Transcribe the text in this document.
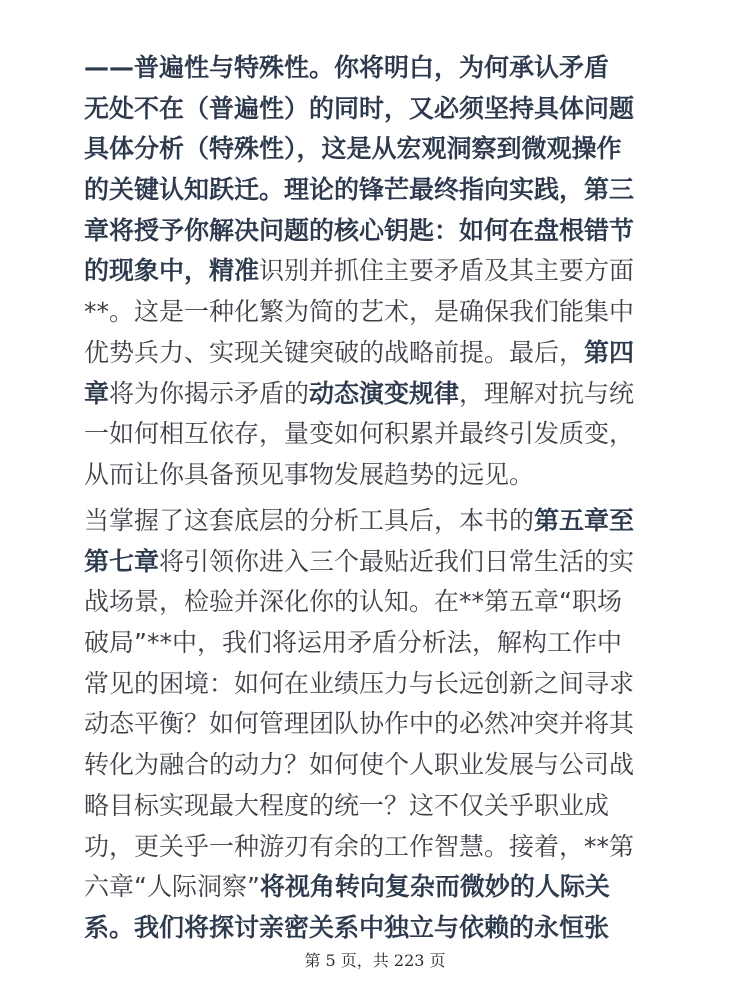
——普遍性与特殊性。你将明白，为何承认矛盾
无处不在（普遍性）的同时，又必须坚持具体问题
具体分析（特殊性），这是从宏观洞察到微观操作
的关键认知跃迁。理论的锋芒最终指向实践，第三
章将授予你解决问题的核心钥匙：如何在盘根错节
的现象中，精准识别并抓住主要矛盾及其主要方面
**。这是一种化繁为简的艺术，是确保我们能集中
优势兵力、实现关键突破的战略前提。最后，第四
章将为你揭示矛盾的动态演变规律，理解对抗与统
一如何相互依存，量变如何积累并最终引发质变，
从而让你具备预见事物发展趋势的远见。
当掌握了这套底层的分析工具后，本书的第五章至
第七章将引领你进入三个最贴近我们日常生活的实
战场景，检验并深化你的认知。在**第五章“职场
破局”**中，我们将运用矛盾分析法，解构工作中
常见的困境：如何在业绩压力与长远创新之间寻求
动态平衡？如何管理团队协作中的必然冲突并将其
转化为融合的动力？如何使个人职业发展与公司战
略目标实现最大程度的统一？这不仅关乎职业成
功，更关乎一种游刃有余的工作智慧。接着，**第
六章“人际洞察”将视角转向复杂而微妙的人际关
系。我们将探讨亲密关系中独立与依赖的永恒张
第 5 页，共 223 页
